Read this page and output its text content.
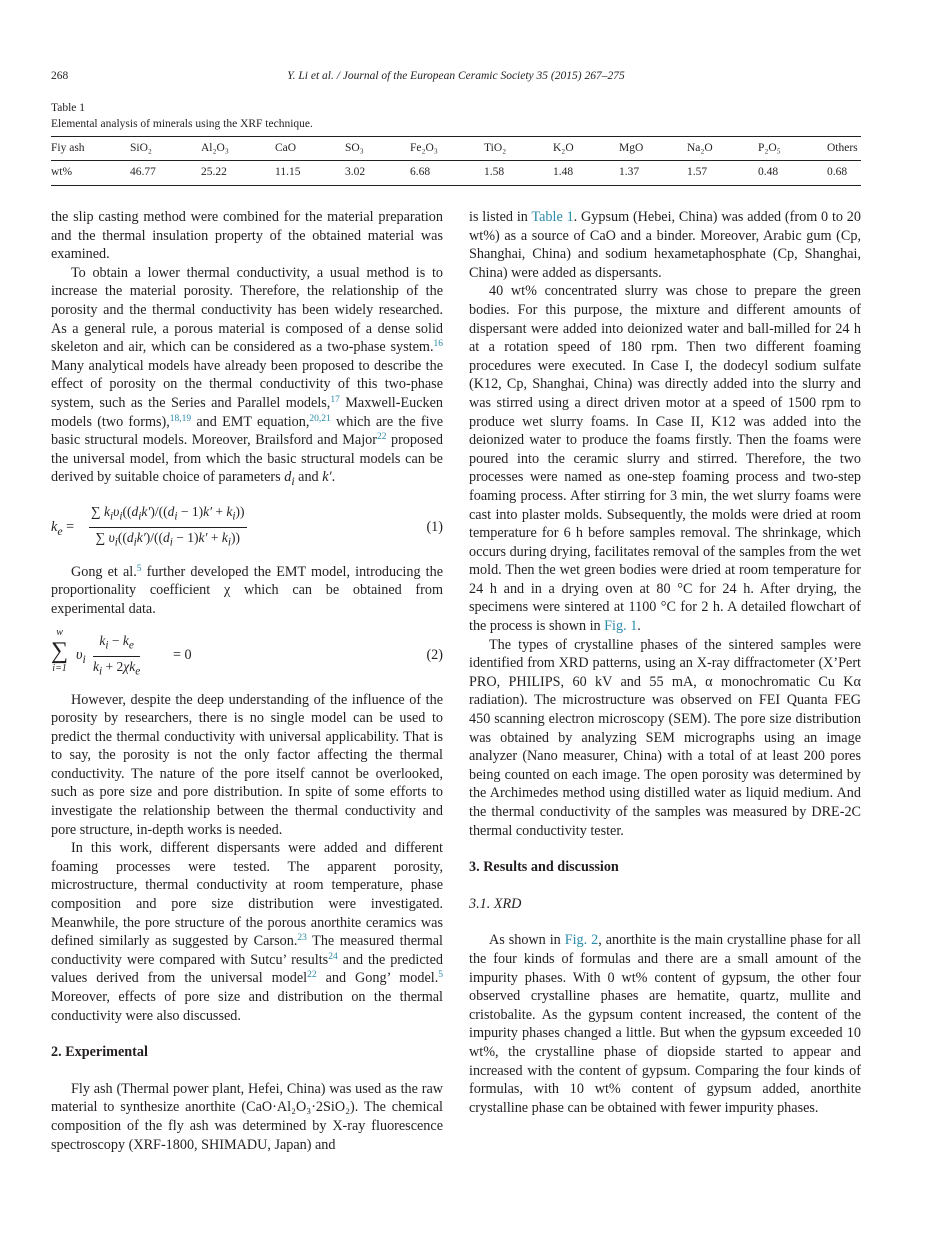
268	Y. Li et al. / Journal of the European Ceramic Society 35 (2015) 267–275
Table 1
Elemental analysis of minerals using the XRF technique.
Fiy ash	SiO₂	Al₂O₃	CaO	SO₃	Fe₂O₃	TiO₂	K₂O	MgO	Na₂O	P₂O₅	Others
wt%	46.77	25.22	11.15	3.02	6.68	1.58	1.48	1.37	1.57	0.48	0.68

the slip casting method were combined for the material preparation and the thermal insulation property of the obtained material was examined.

To obtain a lower thermal conductivity, a usual method is to increase the material porosity. Therefore, the relationship of the porosity and the thermal conductivity has been widely researched. As a general rule, a porous material is composed of a dense solid skeleton and air, which can be considered as a two-phase system.$^{16}$ Many analytical models have already been proposed to describe the effect of porosity on the thermal conductivity of this two-phase system, such as the Series and Parallel models,$^{17}$ Maxwell-Eucken models (two forms),$^{18,19}$ and EMT equation,$^{20,21}$ which are the five basic structural models. Moreover, Brailsford and Major$^{22}$ proposed the universal model, from which the basic structural models can be derived by suitable choice of parameters $d_i$ and k′.

$k_e$ =
∑ $k_i\upsilon_i((d_ik')/((d_i - 1)k' + k_i))$
∑ $\upsilon_i((d_ik')/((d_i - 1)k' + k_i))$
(1)

Gong et al.$^5$ further developed the EMT model, introducing the proportionality coefficient χ which can be obtained from experimental data.

w
∑
i=1
$\upsilon_i$
$k_i - k_e$
$k_i + 2\chi k_e$
= 0	(2)

However, despite the deep understanding of the influence of the porosity by researchers, there is no single model can be used to predict the thermal conductivity with universal applicability. That is to say, the porosity is not the only factor affecting the thermal conductivity. The nature of the pore itself cannot be overlooked, such as pore size and pore distribution. In spite of some efforts to investigate the relationship between the thermal conductivity and pore structure, in-depth works is needed.

In this work, different dispersants were added and different foaming processes were tested. The apparent porosity, microstructure, thermal conductivity at room temperature, phase composition and pore size distribution were investigated. Meanwhile, the pore structure of the porous anorthite ceramics was defined similarly as suggested by Carson.$^{23}$ The measured thermal conductivity were compared with Sutcu’ results$^{24}$ and the predicted values derived from the universal model$^{22}$ and Gong’ model.$^5$ Moreover, effects of pore size and distribution on the thermal conductivity were also discussed.

2. Experimental

Fly ash (Thermal power plant, Hefei, China) was used as the raw material to synthesize anorthite (CaO·Al₂O₃·2SiO₂). The chemical composition of the fly ash was determined by X-ray fluorescence spectroscopy (XRF-1800, SHIMADU, Japan) and

is listed in Table 1. Gypsum (Hebei, China) was added (from 0 to 20 wt%) as a source of CaO and a binder. Moreover, Arabic gum (Cp, Shanghai, China) and sodium hexametaphosphate (Cp, Shanghai, China) were added as dispersants.

40 wt% concentrated slurry was chose to prepare the green bodies. For this purpose, the mixture and different amounts of dispersant were added into deionized water and ball-milled for 24 h at a rotation speed of 180 rpm. Then two different foaming procedures were executed. In Case I, the dodecyl sodium sulfate (K12, Cp, Shanghai, China) was directly added into the slurry and was stirred using a direct driven motor at a speed of 1500 rpm to produce wet slurry foams. In Case II, K12 was added into the deionized water to produce the foams firstly. Then the foams were poured into the ceramic slurry and stirred. Therefore, the two processes were named as one-step foaming process and two-step foaming process. After stirring for 3 min, the wet slurry foams were cast into plaster molds. Subsequently, the molds were dried at room temperature for 6 h before samples removal. The shrinkage, which occurs during drying, facilitates removal of the samples from the wet mold. Then the wet green bodies were dried at room temperature for 24 h and in a drying oven at 80 °C for 24 h. After drying, the specimens were sintered at 1100 °C for 2 h. A detailed flowchart of the process is shown in Fig. 1.

The types of crystalline phases of the sintered samples were identified from XRD patterns, using an X-ray diffractometer (X’Pert PRO, PHILIPS, 60 kV and 55 mA, α monochromatic Cu Kα radiation). The microstructure was observed on FEI Quanta FEG 450 scanning electron microscopy (SEM). The pore size distribution was obtained by analyzing SEM micrographs using an image analyzer (Nano measurer, China) with a total of at least 200 pores being counted on each image. The open porosity was determined by the Archimedes method using distilled water as liquid medium. And the thermal conductivity of the samples was measured by DRE-2C thermal conductivity tester.

3. Results and discussion

3.1. XRD

As shown in Fig. 2, anorthite is the main crystalline phase for all the four kinds of formulas and there are a small amount of the impurity phases. With 0 wt% content of gypsum, the other four observed crystalline phases are hematite, quartz, mullite and cristobalite. As the gypsum content increased, the content of the impurity phases changed a little. But when the gypsum exceeded 10 wt%, the crystalline phase of diopside started to appear and increased with the content of gypsum. Comparing the four kinds of formulas, with 10 wt% content of gypsum added, anorthite crystalline phase can be obtained with fewer impurity phases.
